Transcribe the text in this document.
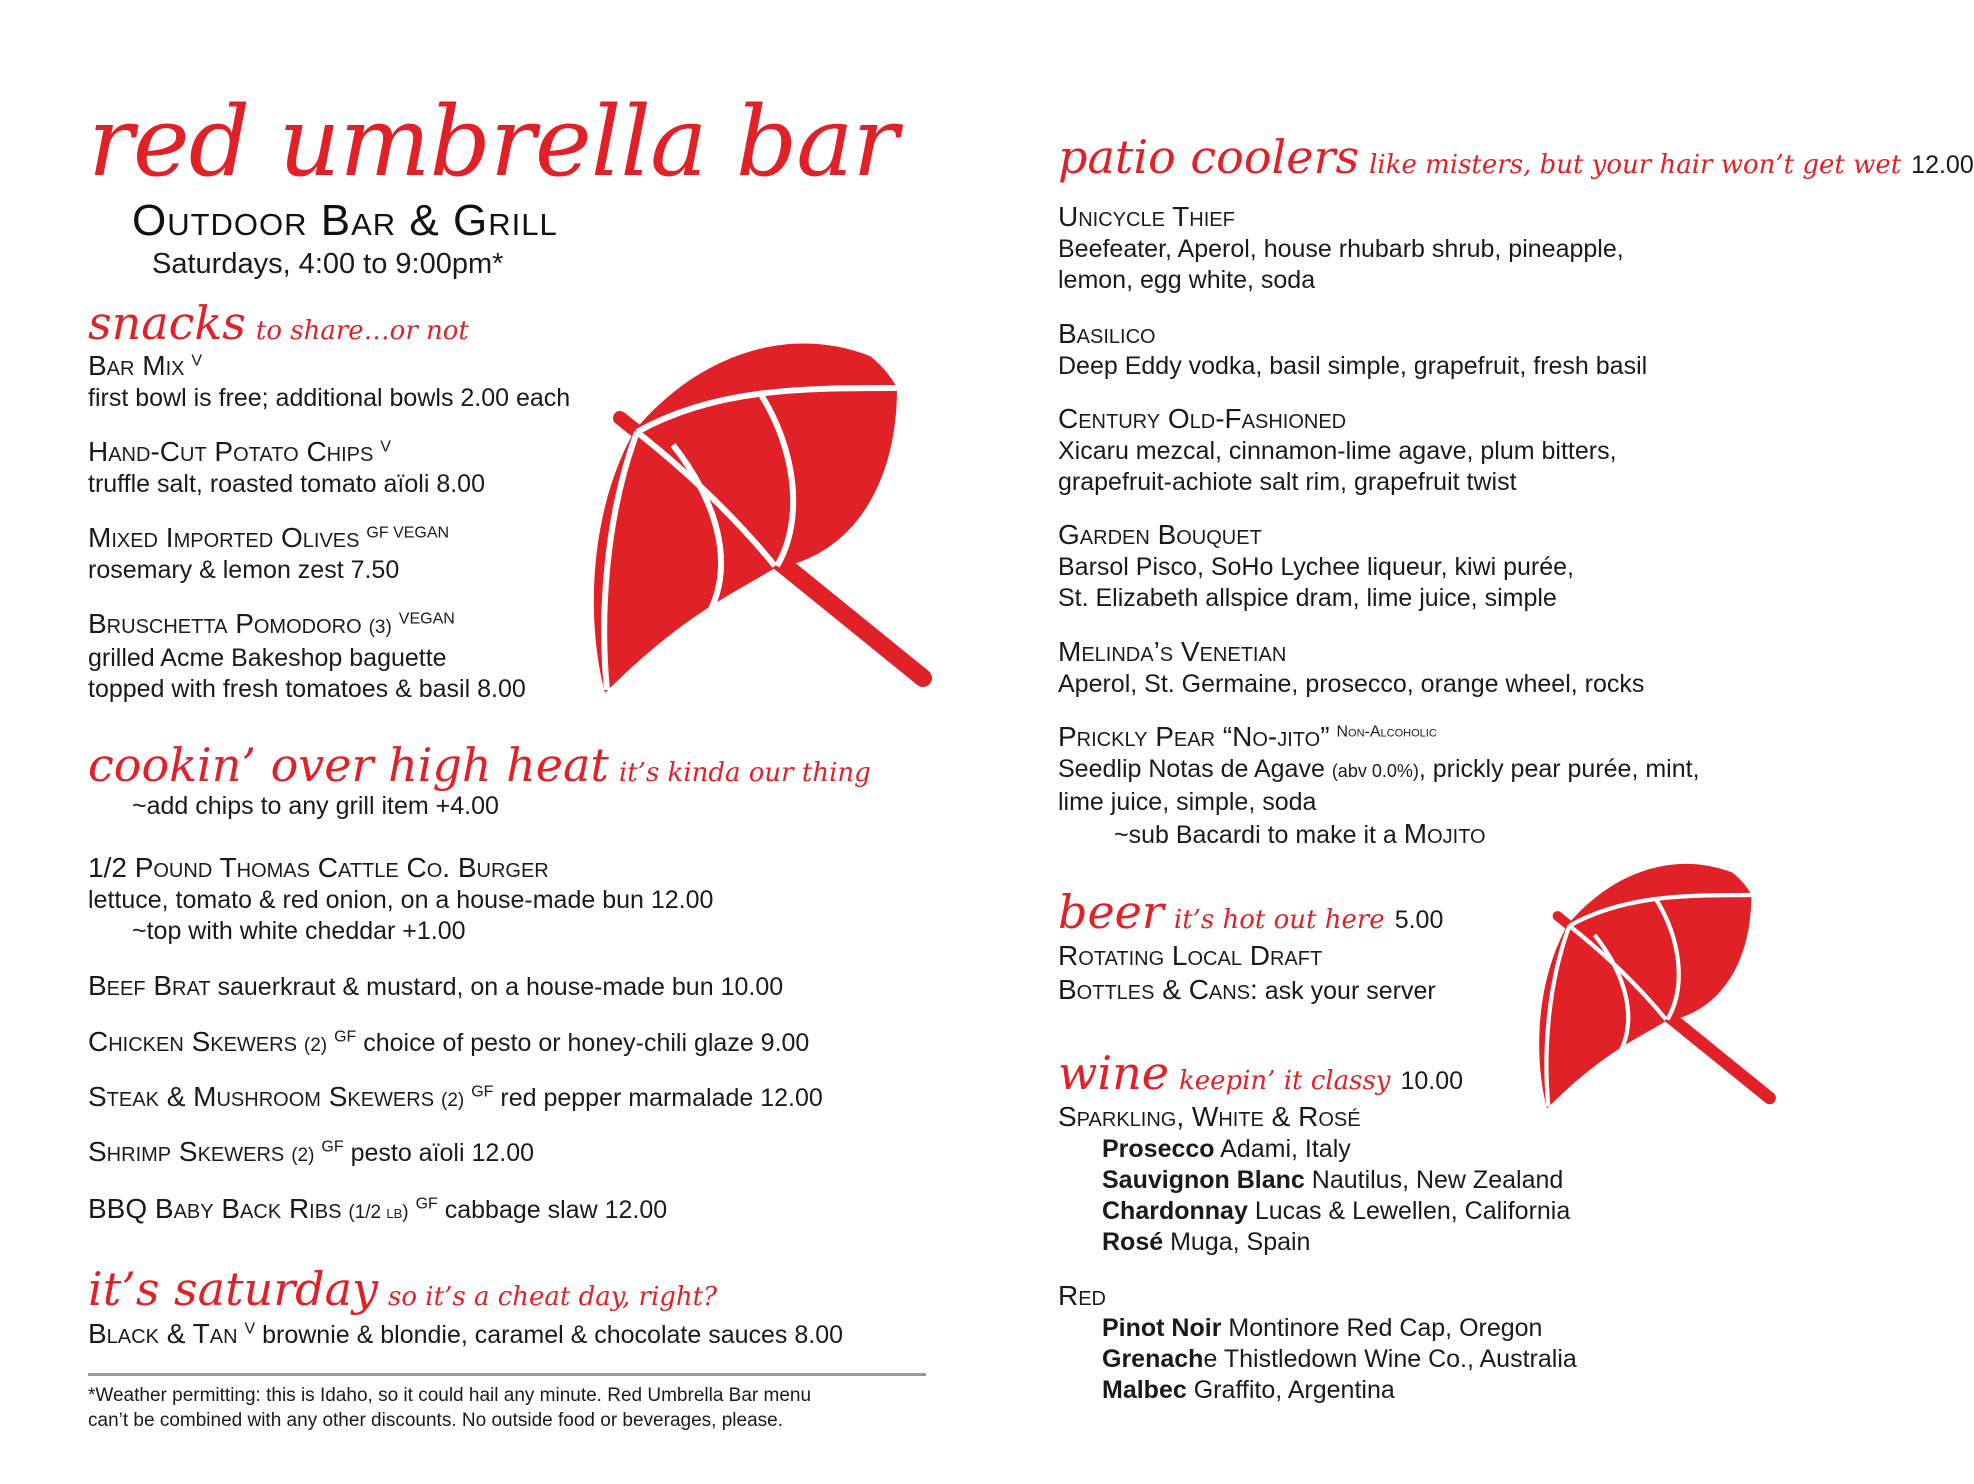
red umbrella bar
Outdoor Bar & Grill
Saturdays, 4:00 to 9:00pm*
snacks to share…or not
Bar Mix $^V$
first bowl is free; additional bowls 2.00 each
Hand-Cut Potato Chips $^V$
truffle salt, roasted tomato aïoli 8.00
Mixed Imported Olives $^{GF VEGAN}$
rosemary & lemon zest 7.50
Bruschetta Pomodoro (3) $^{VEGAN}$
grilled Acme Bakeshop baguette
topped with fresh tomatoes & basil 8.00
cookin’ over high heat it’s kinda our thing
~add chips to any grill item +4.00
1/2 Pound Thomas Cattle Co. Burger
lettuce, tomato & red onion, on a house-made bun 12.00
~top with white cheddar +1.00
Beef Brat sauerkraut & mustard, on a house-made bun 10.00
Chicken Skewers (2) $^{GF}$ choice of pesto or honey-chili glaze 9.00
Steak & Mushroom Skewers (2) $^{GF}$ red pepper marmalade 12.00
Shrimp Skewers (2) $^{GF}$ pesto aïoli 12.00
BBQ Baby Back Ribs (1/2 lb) $^{GF}$ cabbage slaw 12.00
it’s saturday so it’s a cheat day, right?
Black & Tan $^V$ brownie & blondie, caramel & chocolate sauces 8.00
*Weather permitting: this is Idaho, so it could hail any minute. Red Umbrella Bar menu
can’t be combined with any other discounts. No outside food or beverages, please.
patio coolers like misters, but your hair won’t get wet 12.00
Unicycle Thief
Beefeater, Aperol, house rhubarb shrub, pineapple,
lemon, egg white, soda
Basilico
Deep Eddy vodka, basil simple, grapefruit, fresh basil
Century Old-Fashioned
Xicaru mezcal, cinnamon-lime agave, plum bitters,
grapefruit-achiote salt rim, grapefruit twist
Garden Bouquet
Barsol Pisco, SoHo Lychee liqueur, kiwi purée,
St. Elizabeth allspice dram, lime juice, simple
Melinda’s Venetian
Aperol, St. Germaine, prosecco, orange wheel, rocks
Prickly Pear “No-jito” $^{Non-Alcoholic}$
Seedlip Notas de Agave (abv 0.0%), prickly pear purée, mint,
lime juice, simple, soda
~sub Bacardi to make it a Mojito
beer it’s hot out here 5.00
Rotating Local Draft
Bottles & Cans: ask your server
wine keepin’ it classy 10.00
Sparkling, White & Rosé
Prosecco Adami, Italy
Sauvignon Blanc Nautilus, New Zealand
Chardonnay Lucas & Lewellen, California
Rosé Muga, Spain
Red
Pinot Noir Montinore Red Cap, Oregon
Grenache Thistledown Wine Co., Australia
Malbec Graffito, Argentina
